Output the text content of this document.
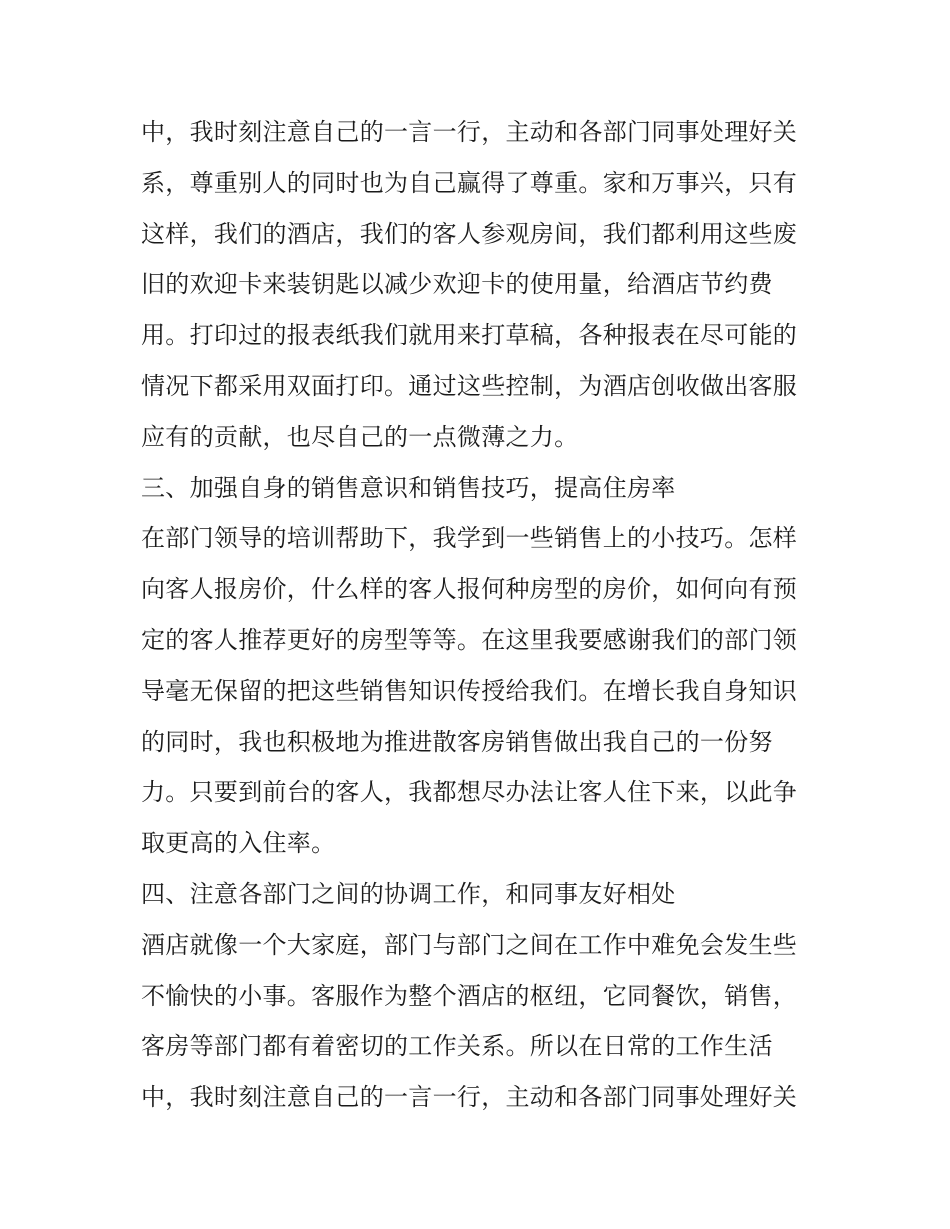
中，我时刻注意自己的一言一行，主动和各部门同事处理好关
系，尊重别人的同时也为自己赢得了尊重。家和万事兴，只有
这样，我们的酒店，我们的客人参观房间，我们都利用这些废
旧的欢迎卡来装钥匙以减少欢迎卡的使用量，给酒店节约费
用。打印过的报表纸我们就用来打草稿，各种报表在尽可能的
情况下都采用双面打印。通过这些控制，为酒店创收做出客服
应有的贡献，也尽自己的一点微薄之力。
三、加强自身的销售意识和销售技巧，提高住房率
在部门领导的培训帮助下，我学到一些销售上的小技巧。怎样
向客人报房价，什么样的客人报何种房型的房价，如何向有预
定的客人推荐更好的房型等等。在这里我要感谢我们的部门领
导毫无保留的把这些销售知识传授给我们。在增长我自身知识
的同时，我也积极地为推进散客房销售做出我自己的一份努
力。只要到前台的客人，我都想尽办法让客人住下来，以此争
取更高的入住率。
四、注意各部门之间的协调工作，和同事友好相处
酒店就像一个大家庭，部门与部门之间在工作中难免会发生些
不愉快的小事。客服作为整个酒店的枢纽，它同餐饮，销售，
客房等部门都有着密切的工作关系。所以在日常的工作生活
中，我时刻注意自己的一言一行，主动和各部门同事处理好关
